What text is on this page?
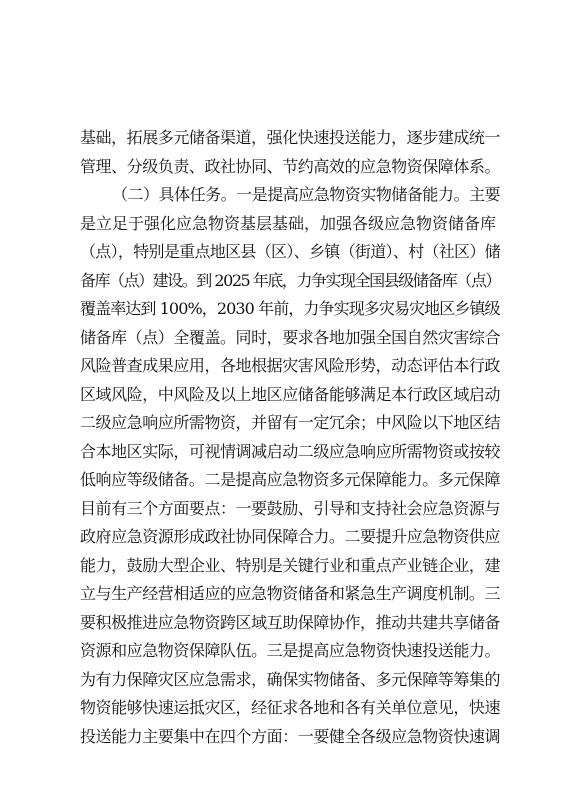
基础，拓展多元储备渠道，强化快速投送能力，逐步建成统一
管理、分级负责、政社协同、节约高效的应急物资保障体系。
（二）具体任务。一是提高应急物资实物储备能力。主要
是立足于强化应急物资基层基础，加强各级应急物资储备库
（点），特别是重点地区县（区）、乡镇（街道）、村（社区）储
备库（点）建设。到 2025 年底，力争实现全国县级储备库（点）
覆盖率达到 100%，2030 年前，力争实现多灾易灾地区乡镇级
储备库（点）全覆盖。同时，要求各地加强全国自然灾害综合
风险普查成果应用，各地根据灾害风险形势，动态评估本行政
区域风险，中风险及以上地区应储备能够满足本行政区域启动
二级应急响应所需物资，并留有一定冗余；中风险以下地区结
合本地区实际，可视情调减启动二级应急响应所需物资或按较
低响应等级储备。二是提高应急物资多元保障能力。多元保障
目前有三个方面要点：一要鼓励、引导和支持社会应急资源与
政府应急资源形成政社协同保障合力。二要提升应急物资供应
能力，鼓励大型企业、特别是关键行业和重点产业链企业，建
立与生产经营相适应的应急物资储备和紧急生产调度机制。三
要积极推进应急物资跨区域互助保障协作，推动共建共享储备
资源和应急物资保障队伍。三是提高应急物资快速投送能力。
为有力保障灾区应急需求，确保实物储备、多元保障等筹集的
物资能够快速运抵灾区，经征求各地和各有关单位意见，快速
投送能力主要集中在四个方面：一要健全各级应急物资快速调
